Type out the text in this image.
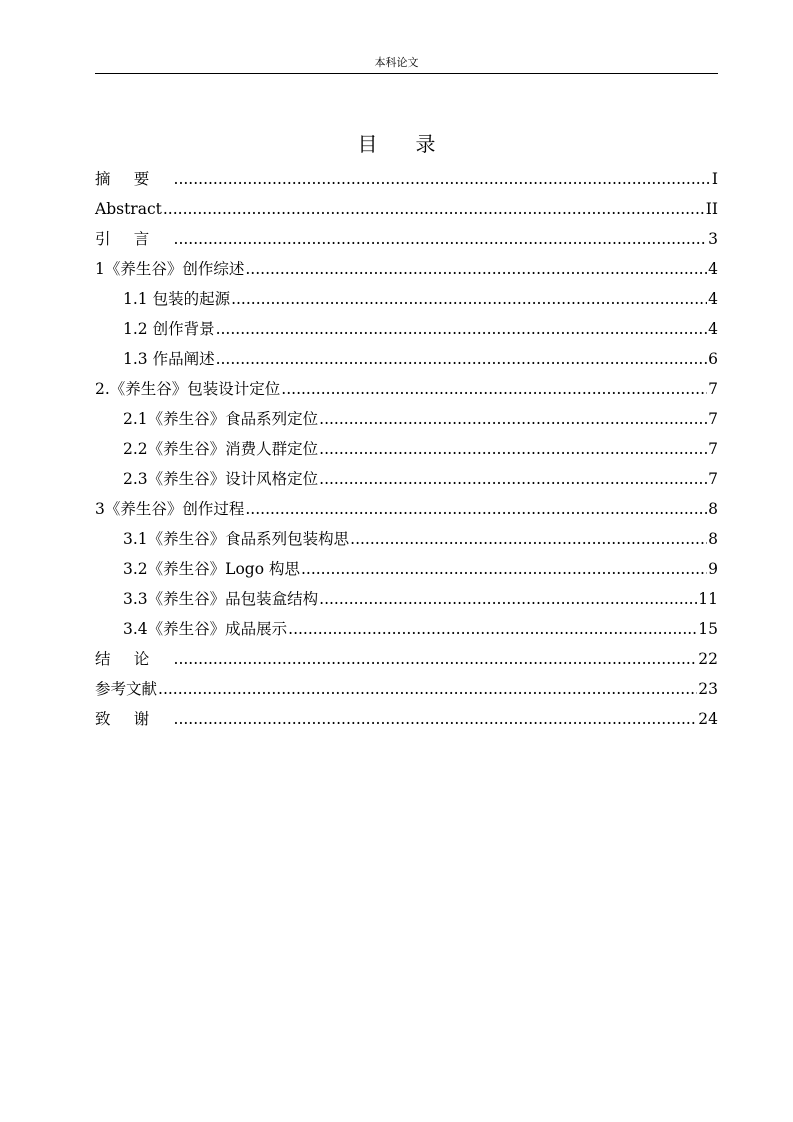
本科论文
目录
摘要 .....	I
Abstract .....	II
引言 .....	3
1《养生谷》创作综述 .....	4
1.1 包装的起源 .....	4
1.2 创作背景 .....	4
1.3 作品阐述 .....	6
2.《养生谷》包装设计定位 .....	7
2.1《养生谷》食品系列定位 .....	7
2.2《养生谷》消费人群定位 .....	7
2.3《养生谷》设计风格定位 .....	7
3《养生谷》创作过程 .....	8
3.1《养生谷》食品系列包装构思 .....	8
3.2《养生谷》Logo 构思 .....	9
3.3《养生谷》品包装盒结构 .....	11
3.4《养生谷》成品展示 .....	15
结论 .....	22
参考文献 .....	23
致谢 .....	24
